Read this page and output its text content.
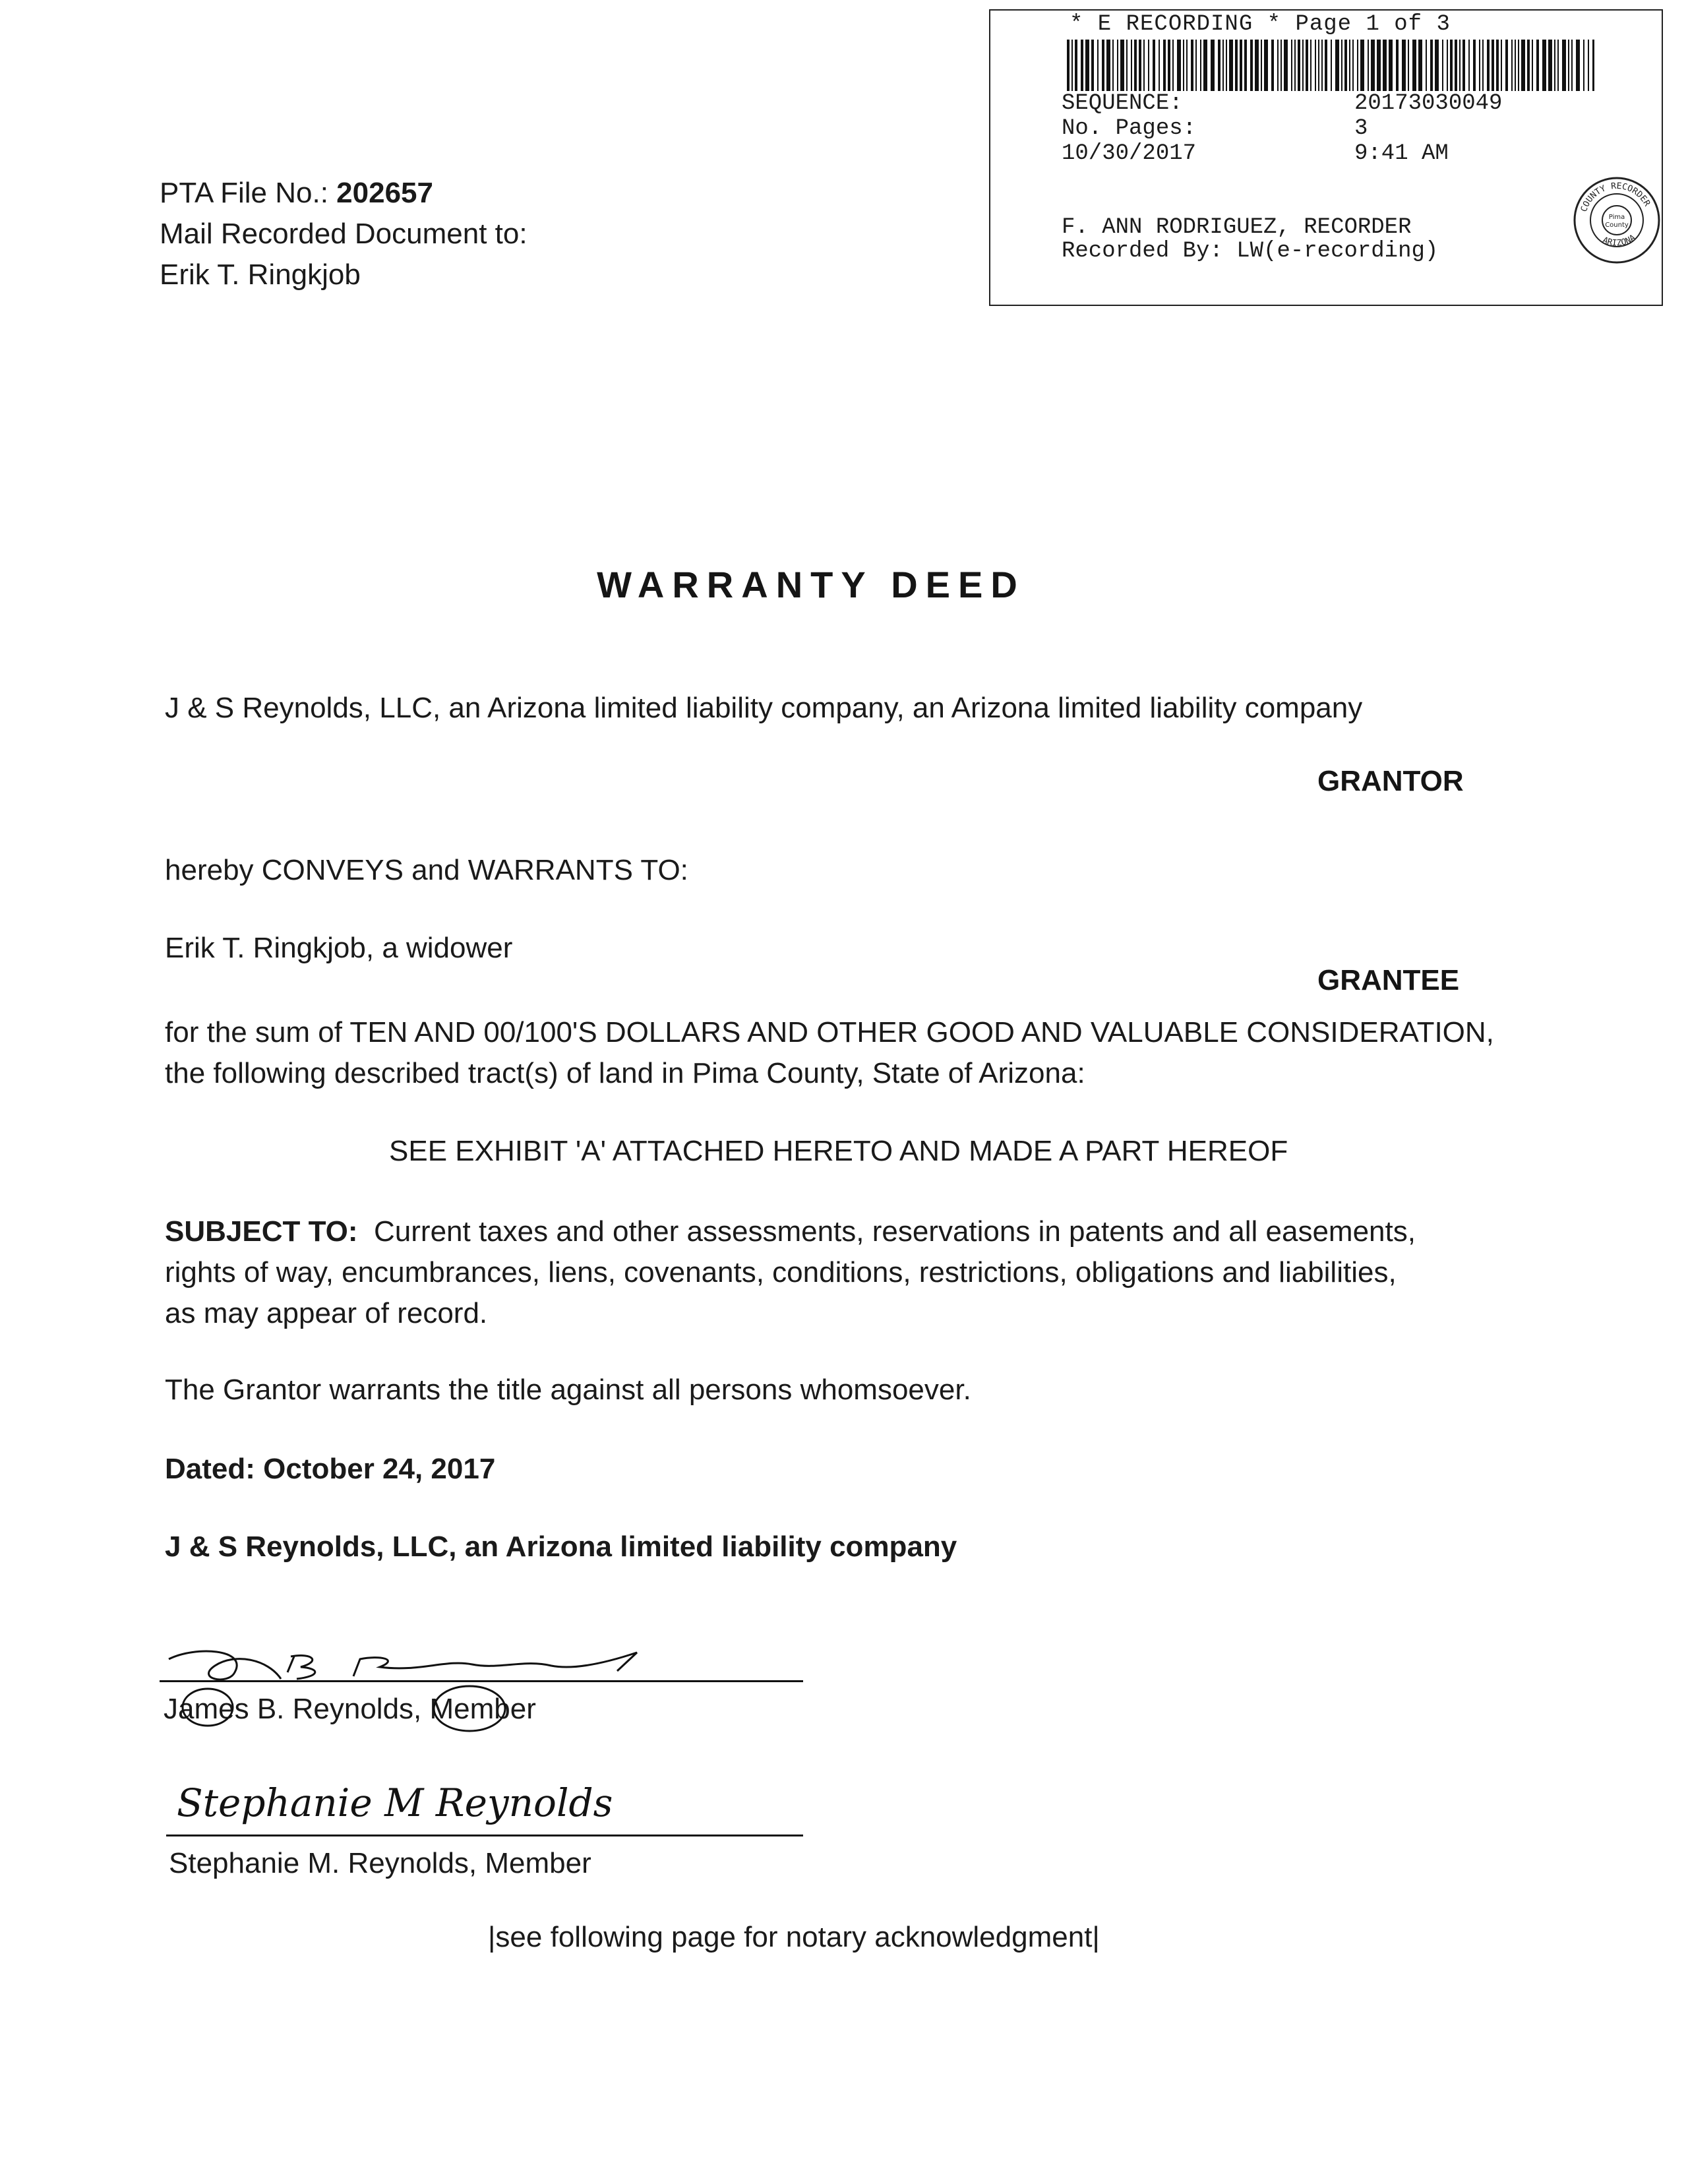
* E RECORDING * Page 1 of 3
SEQUENCE:	20173030049
No. Pages:	3
10/30/2017	9:41 AM
F. ANN RODRIGUEZ, RECORDER
Recorded By: LW(e-recording)
COUNTY RECORDER
ARIZONA
Pima
County
PTA File No.: 202657
Mail Recorded Document to:
Erik T. Ringkjob
WARRANTY DEED
J & S Reynolds, LLC, an Arizona limited liability company, an Arizona limited liability company
GRANTOR
hereby CONVEYS and WARRANTS TO:
Erik T. Ringkjob, a widower
GRANTEE
for the sum of TEN AND 00/100'S DOLLARS AND OTHER GOOD AND VALUABLE CONSIDERATION,
the following described tract(s) of land in Pima County, State of Arizona:
SEE EXHIBIT 'A' ATTACHED HERETO AND MADE A PART HEREOF
SUBJECT TO: Current taxes and other assessments, reservations in patents and all easements,
rights of way, encumbrances, liens, covenants, conditions, restrictions, obligations and liabilities,
as may appear of record.
The Grantor warrants the title against all persons whomsoever.
Dated: October 24, 2017
J & S Reynolds, LLC, an Arizona limited liability company
James B. Reynolds, Member
Stephanie M Reynolds
Stephanie M. Reynolds, Member
|see following page for notary acknowledgment|
